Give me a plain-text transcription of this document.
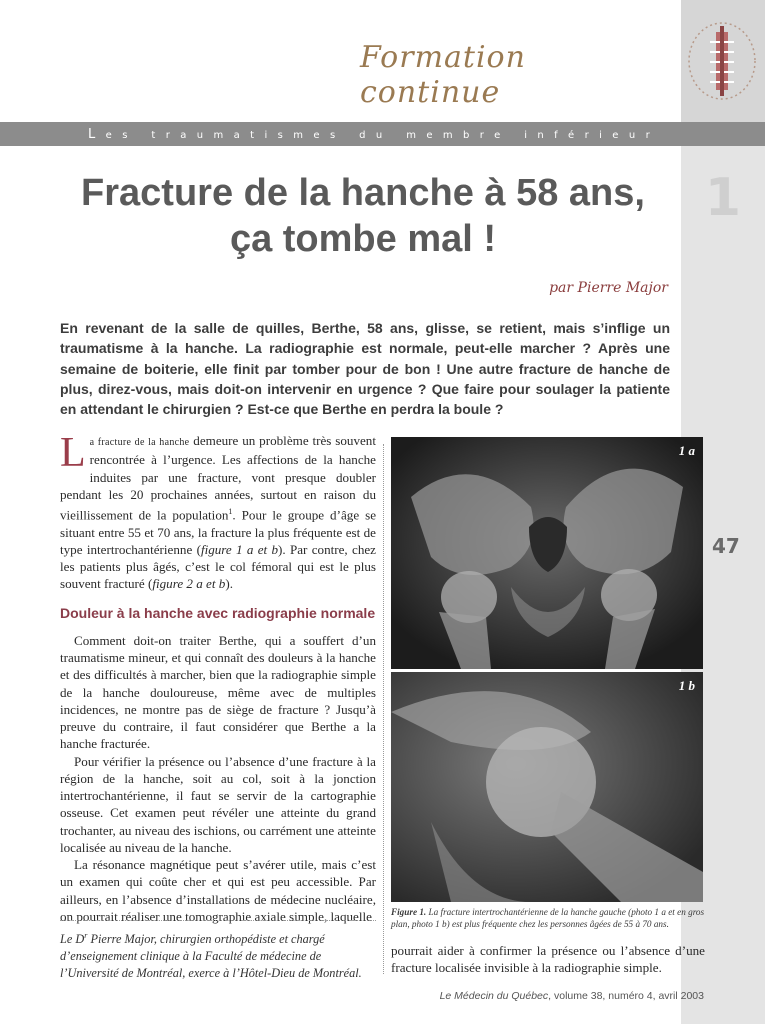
Formation continue
Les traumatismes du membre inférieur
1
47
Fracture de la hanche à 58 ans,
ça tombe mal !
par Pierre Major
En revenant de la salle de quilles, Berthe, 58 ans, glisse, se retient, mais s’inflige un traumatisme à la hanche. La radiographie est normale, peut-elle marcher ? Après une semaine de boiterie, elle finit par tomber pour de bon ! Une autre fracture de hanche de plus, direz-vous, mais doit-on intervenir en urgence ? Que faire pour soulager la patiente en attendant le chirurgien ? Est-ce que Berthe en perdra la boule ?

La fracture de la hanche demeure un problème très souvent rencontrée à l’urgence. Les affections de la hanche induites par une fracture, vont presque doubler pendant les 20 prochaines années, surtout en raison du vieillissement de la population$^1$. Pour le groupe d’âge se situant entre 55 et 70 ans, la fracture la plus fréquente est de type intertrochantérienne (figure 1 a et b). Par contre, chez les patients plus âgés, c’est le col fémoral qui est le plus souvent fracturé (figure 2 a et b).

Douleur à la hanche avec radiographie normale

Comment doit-on traiter Berthe, qui a souffert d’un traumatisme mineur, et qui connaît des douleurs à la hanche et des difficultés à marcher, bien que la radiographie simple de la hanche douloureuse, même avec de multiples incidences, ne montre pas de siège de fracture ? Jusqu’à preuve du contraire, il faut considérer que Berthe a la hanche fracturée.

Pour vérifier la présence ou l’absence d’une fracture à la région de la hanche, soit au col, soit à la jonction intertrochantérienne, il faut se servir de la cartographie osseuse. Cet examen peut révéler une atteinte du grand trochanter, au niveau des ischions, ou carrément une atteinte localisée au niveau de la hanche.

La résonance magnétique peut s’avérer utile, mais c’est un examen qui coûte cher et qui est peu accessible. Par ailleurs, en l’absence d’installations de médecine nucléaire, on pourrait réaliser une tomographie axiale simple, laquelle

1 a
1 b
Figure 1. La fracture intertrochantérienne de la hanche gauche (photo 1 a et en gros plan, photo 1 b) est plus fréquente chez les personnes âgées de 55 à 70 ans.
pourrait aider à confirmer la présence ou l’absence d’une fracture localisée invisible à la radiographie simple.
Le $D^r$ Pierre Major, chirurgien orthopédiste et chargé d’enseignement clinique à la Faculté de médecine de l’Université de Montréal, exerce à l’Hôtel-Dieu de Montréal.
Le Médecin du Québec, volume 38, numéro 4, avril 2003
